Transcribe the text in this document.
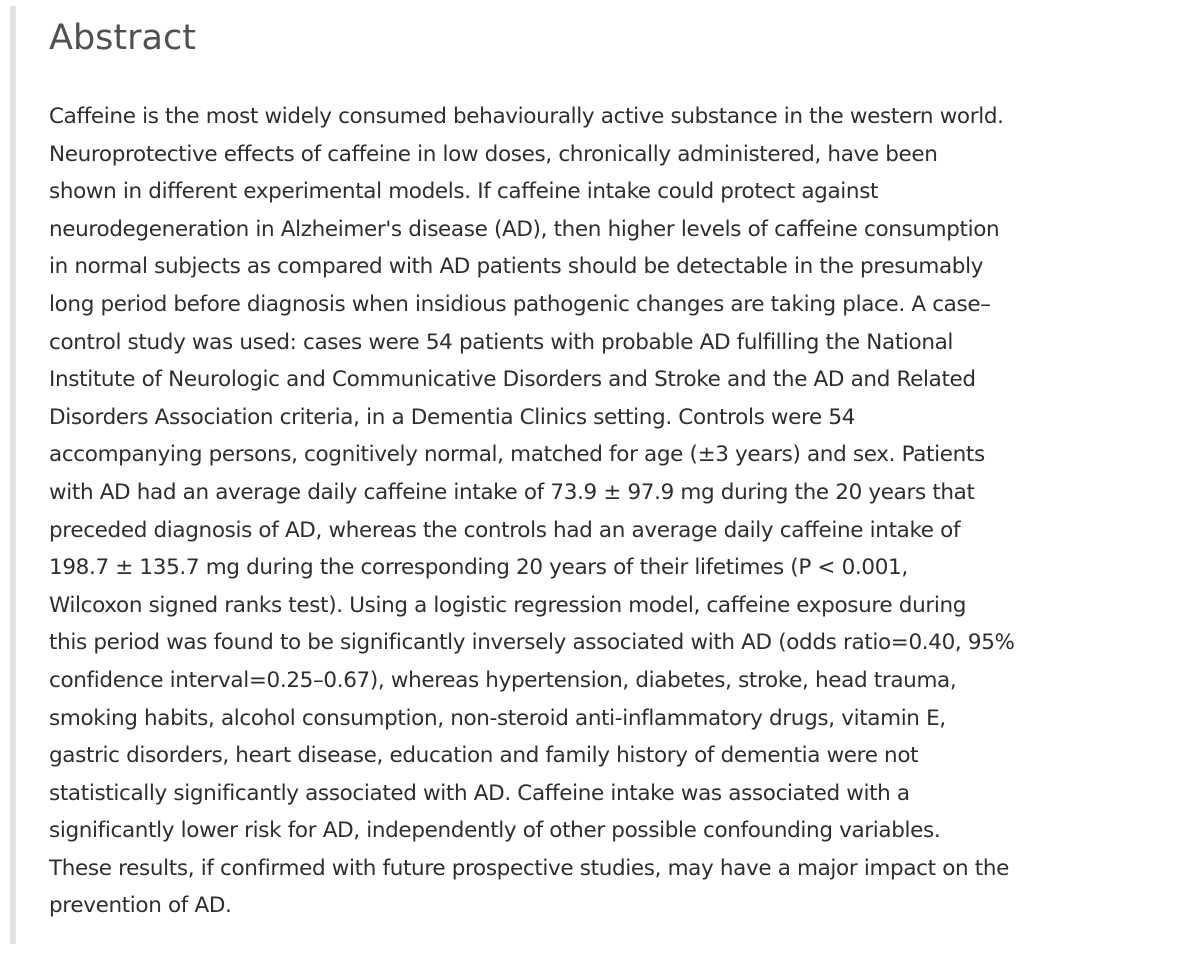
Abstract
Caffeine is the most widely consumed behaviourally active substance in the western world.
Neuroprotective effects of caffeine in low doses, chronically administered, have been
shown in different experimental models. If caffeine intake could protect against
neurodegeneration in Alzheimer's disease (AD), then higher levels of caffeine consumption
in normal subjects as compared with AD patients should be detectable in the presumably
long period before diagnosis when insidious pathogenic changes are taking place. A case–
control study was used: cases were 54 patients with probable AD fulfilling the National
Institute of Neurologic and Communicative Disorders and Stroke and the AD and Related
Disorders Association criteria, in a Dementia Clinics setting. Controls were 54
accompanying persons, cognitively normal, matched for age (±3 years) and sex. Patients
with AD had an average daily caffeine intake of 73.9 ± 97.9 mg during the 20 years that
preceded diagnosis of AD, whereas the controls had an average daily caffeine intake of
198.7 ± 135.7 mg during the corresponding 20 years of their lifetimes (P < 0.001,
Wilcoxon signed ranks test). Using a logistic regression model, caffeine exposure during
this period was found to be significantly inversely associated with AD (odds ratio=0.40, 95%
confidence interval=0.25–0.67), whereas hypertension, diabetes, stroke, head trauma,
smoking habits, alcohol consumption, non-steroid anti-inflammatory drugs, vitamin E,
gastric disorders, heart disease, education and family history of dementia were not
statistically significantly associated with AD. Caffeine intake was associated with a
significantly lower risk for AD, independently of other possible confounding variables.
These results, if confirmed with future prospective studies, may have a major impact on the
prevention of AD.
